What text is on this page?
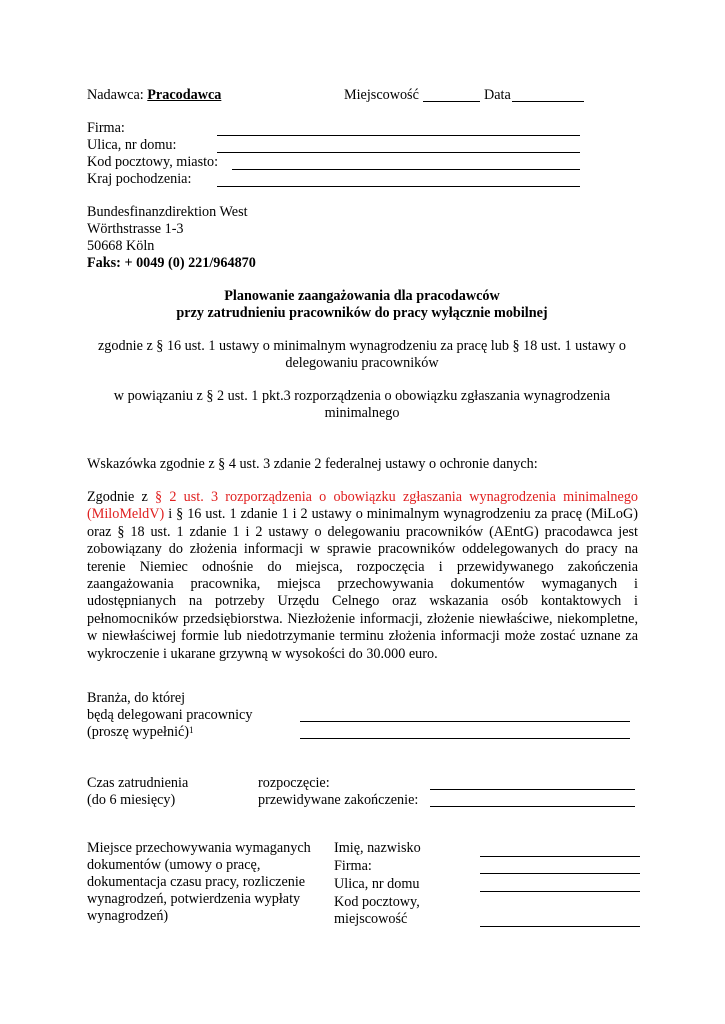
Nadawca: Pracodawca	Miejscowość	Data
Firma:
Ulica, nr domu:
Kod pocztowy, miasto:
Kraj pochodzenia:
Bundesfinanzdirektion West
Wörthstrasse 1-3
50668 Köln
Faks: + 0049 (0) 221/964870
Planowanie zaangażowania dla pracodawców
przy zatrudnieniu pracowników do pracy wyłącznie mobilnej
zgodnie z § 16 ust. 1 ustawy o minimalnym wynagrodzeniu za pracę lub § 18 ust. 1 ustawy o delegowaniu pracowników
w powiązaniu z § 2 ust. 1 pkt.3 rozporządzenia o obowiązku zgłaszania wynagrodzenia minimalnego
Wskazówka zgodnie z § 4 ust. 3 zdanie 2 federalnej ustawy o ochronie danych:
Zgodnie z § 2 ust. 3 rozporządzenia o obowiązku zgłaszania wynagrodzenia minimalnego (MiloMeldV) i § 16 ust. 1 zdanie 1 i 2 ustawy o minimalnym wynagrodzeniu za pracę (MiLoG) oraz § 18 ust. 1 zdanie 1 i 2 ustawy o delegowaniu pracowników (AEntG) pracodawca jest zobowiązany do złożenia informacji w sprawie pracowników oddelegowanych do pracy na terenie Niemiec odnośnie do miejsca, rozpoczęcia i przewidywanego zakończenia zaangażowania pracownika, miejsca przechowywania dokumentów wymaganych i udostępnianych na potrzeby Urzędu Celnego oraz wskazania osób kontaktowych i pełnomocników przedsiębiorstwa. Niezłożenie informacji, złożenie niewłaściwe, niekompletne, w niewłaściwej formie lub niedotrzymanie terminu złożenia informacji może zostać uznane za wykroczenie i ukarane grzywną w wysokości do 30.000 euro.
Branża, do której
będą delegowani pracownicy
(proszę wypełnić)$^1$
Czas zatrudnienia
(do 6 miesięcy)
rozpoczęcie:
przewidywane zakończenie:
Miejsce przechowywania wymaganych
dokumentów (umowy o pracę,
dokumentacja czasu pracy, rozliczenie
wynagrodzeń, potwierdzenia wypłaty
wynagrodzeń)
Imię, nazwisko
Firma:
Ulica, nr domu
Kod pocztowy,
miejscowość
